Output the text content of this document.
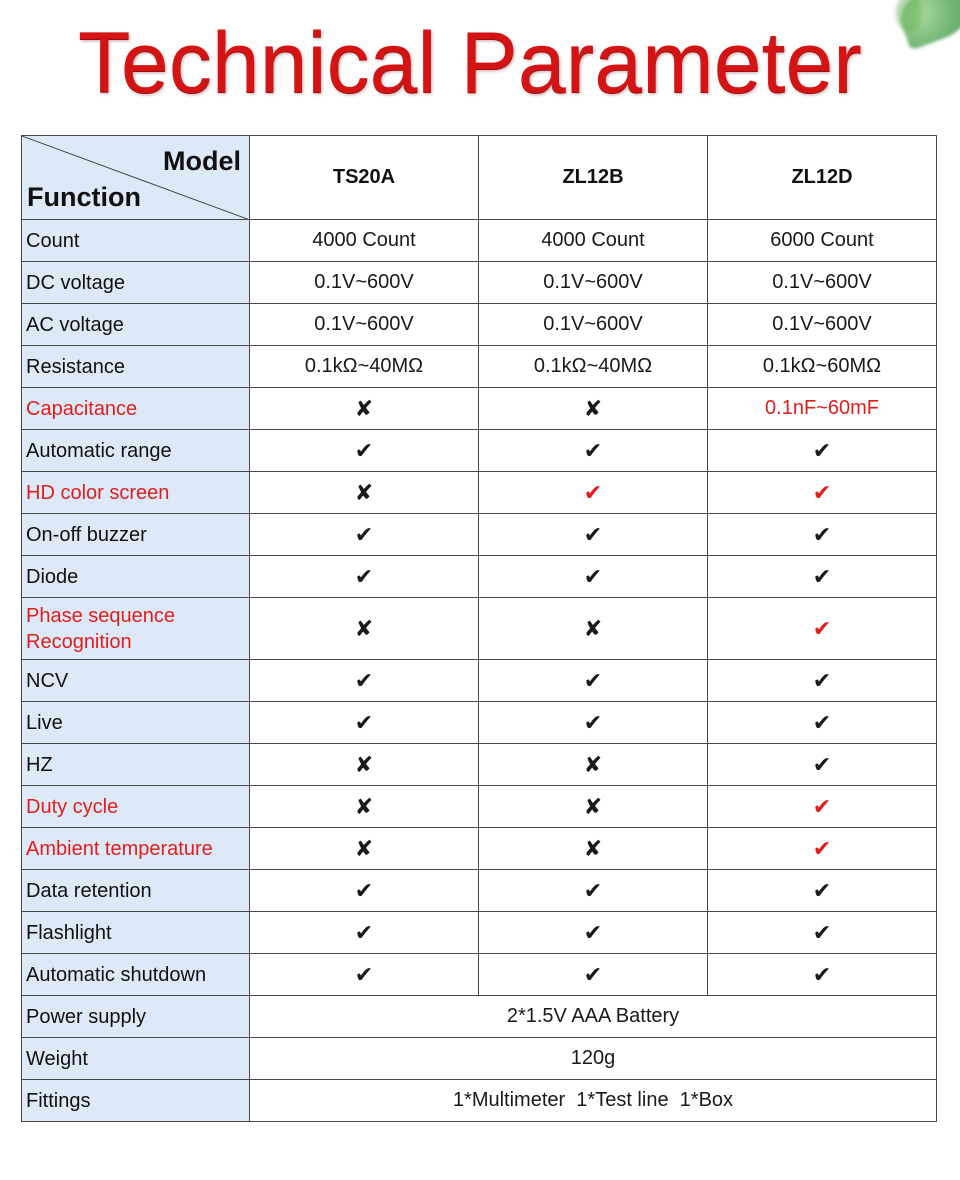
Technical Parameter
Model
Function	TS20A	ZL12B	ZL12D
Count	4000 Count	4000 Count	6000 Count
DC voltage	0.1V~600V	0.1V~600V	0.1V~600V
AC voltage	0.1V~600V	0.1V~600V	0.1V~600V
Resistance	0.1kΩ~40MΩ	0.1kΩ~40MΩ	0.1kΩ~60MΩ
Capacitance	✘	✘	0.1nF~60mF
Automatic range	✔	✔	✔
HD color screen	✘	✔	✔
On-off buzzer	✔	✔	✔
Diode	✔	✔	✔
Phase sequence Recognition	✘	✘	✔
NCV	✔	✔	✔
Live	✔	✔	✔
HZ	✘	✘	✔
Duty cycle	✘	✘	✔
Ambient temperature	✘	✘	✔
Data retention	✔	✔	✔
Flashlight	✔	✔	✔
Automatic shutdown	✔	✔	✔
Power supply	2*1.5V AAA Battery		
Weight	120g		
Fittings	1*Multimeter  1*Test line  1*Box		
